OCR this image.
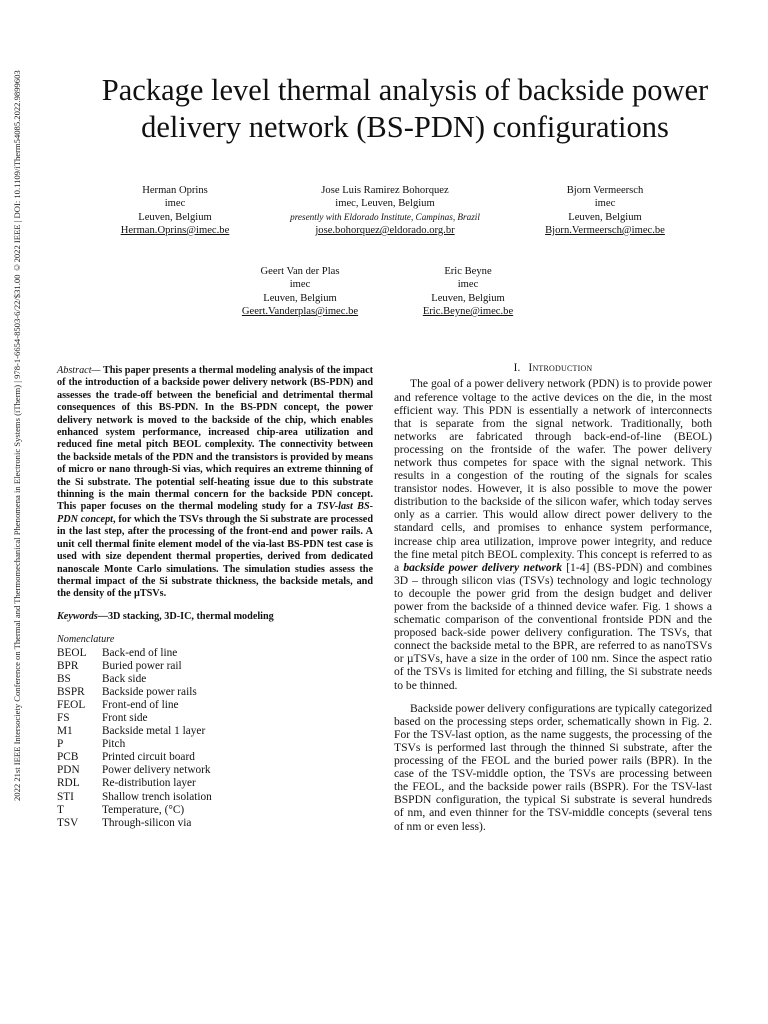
2022 21st IEEE Intersociety Conference on Thermal and Thermomechanical Phenomena in Electronic Systems (iTherm) | 978-1-6654-8503-6/22/$31.00 ©2022 IEEE | DOI: 10.1109/iTherm54085.2022.9899603	Package level thermal analysis of backside power
delivery network (BS-PDN) configurations
Herman Oprins
imec
Leuven, Belgium
Herman.Oprins@imec.be
Jose Luis Ramirez Bohorquez
imec, Leuven, Belgium
presently with Eldorado Institute, Campinas, Brazil
jose.bohorquez@eldorado.org.br
Bjorn Vermeersch
imec
Leuven, Belgium
Bjorn.Vermeersch@imec.be
Geert Van der Plas
imec
Leuven, Belgium
Geert.Vanderplas@imec.be
Eric Beyne
imec
Leuven, Belgium
Eric.Beyne@imec.be

Abstract— This paper presents a thermal modeling analysis of the impact of the introduction of a backside power delivery network (BS-PDN) and assesses the trade-off between the beneficial and detrimental thermal consequences of this BS-PDN. In the BS-PDN concept, the power delivery network is moved to the backside of the chip, which enables enhanced system performance, increased chip-area utilization and reduced fine metal pitch BEOL complexity. The connectivity between the backside metals of the PDN and the transistors is provided by means of micro or nano through-Si vias, which requires an extreme thinning of the Si substrate. The potential self-heating issue due to this substrate thinning is the main thermal concern for the backside PDN concept. This paper focuses on the thermal modeling study for a TSV-last BS-PDN concept, for which the TSVs through the Si substrate are processed in the last step, after the processing of the front-end and power rails. A unit cell thermal finite element model of the via-last BS-PDN test case is used with size dependent thermal properties, derived from dedicated nanoscale Monte Carlo simulations. The simulation studies assess the thermal impact of the Si substrate thickness, the backside metals, and the density of the µTSVs.

Keywords—3D stacking, 3D-IC, thermal modeling

Nomenclature
BEOL	Back-end of line
BPR	Buried power rail
BS	Back side
BSPR	Backside power rails
FEOL	Front-end of line
FS	Front side
M1	Backside metal 1 layer
P	Pitch
PCB	Printed circuit board
PDN	Power delivery network
RDL	Re-distribution layer
STI	Shallow trench isolation
T	Temperature, (°C)
TSV	Through-silicon via
I. Introduction

The goal of a power delivery network (PDN) is to provide power and reference voltage to the active devices on the die, in the most efficient way. This PDN is essentially a network of interconnects that is separate from the signal network. Traditionally, both networks are fabricated through back-end-of-line (BEOL) processing on the frontside of the wafer. The power delivery network thus competes for space with the signal network. This results in a congestion of the routing of the signals for scales transistor nodes. However, it is also possible to move the power distribution to the backside of the silicon wafer, which today serves only as a carrier. This would allow direct power delivery to the standard cells, and promises to enhance system performance, increase chip area utilization, improve power integrity, and reduce the fine metal pitch BEOL complexity. This concept is referred to as a backside power delivery network [1-4] (BS-PDN) and combines 3D – through silicon vias (TSVs) technology and logic technology to decouple the power grid from the design budget and deliver power from the backside of a thinned device wafer. Fig. 1 shows a schematic comparison of the conventional frontside PDN and the proposed back-side power delivery configuration. The TSVs, that connect the backside metal to the BPR, are referred to as nanoTSVs or µTSVs, have a size in the order of 100 nm. Since the aspect ratio of the TSVs is limited for etching and filling, the Si substrate needs to be thinned.

Backside power delivery configurations are typically categorized based on the processing steps order, schematically shown in Fig. 2. For the TSV-last option, as the name suggests, the processing of the TSVs is performed last through the thinned Si substrate, after the processing of the FEOL and the buried power rails (BPR). In the case of the TSV-middle option, the TSVs are processing between the FEOL, and the backside power rails (BSPR). For the TSV-last BSPDN configuration, the typical Si substrate is several hundreds of nm, and even thinner for the TSV-middle concepts (several tens of nm or even less).
